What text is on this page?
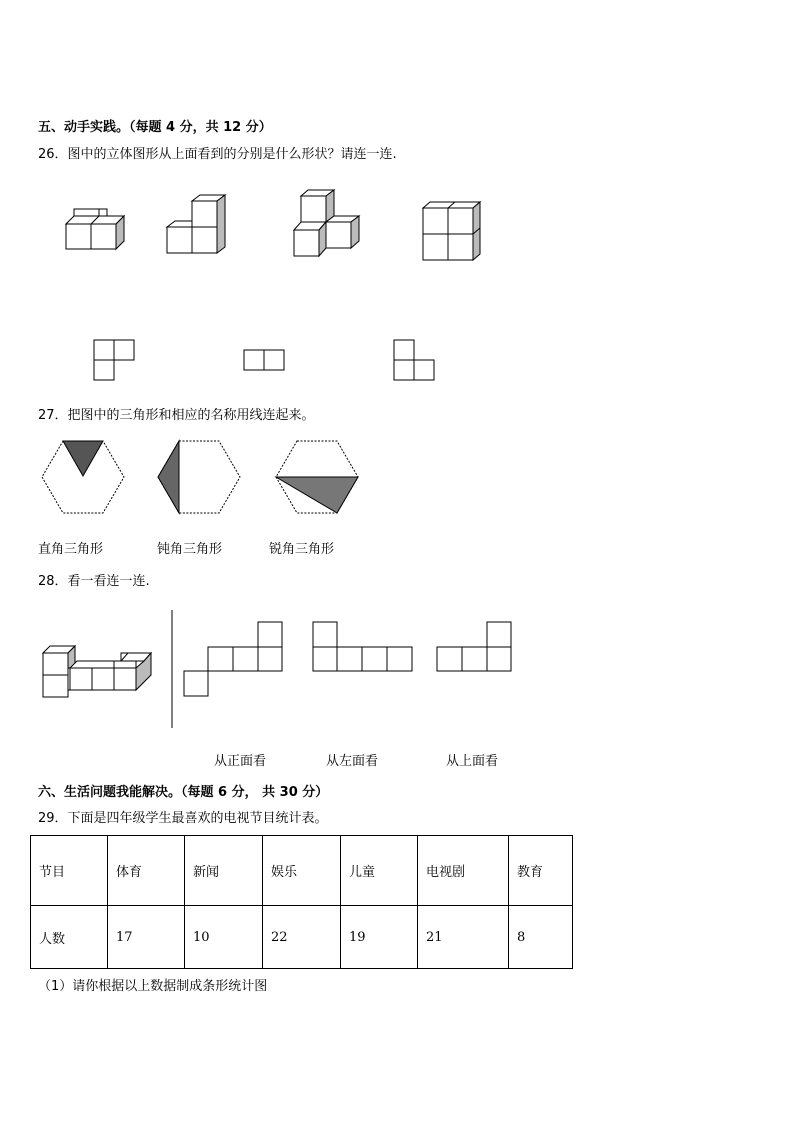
五、动手实践。（每题 4 分，共 12 分）
26．图中的立体图形从上面看到的分别是什么形状？请连一连.
27．把图中的三角形和相应的名称用线连起来。
直角三角形	钝角三角形	锐角三角形
28．看一看连一连.
从正面看	从左面看	从上面看
六、生活问题我能解决。（每题 6 分， 共 30 分）
29．下面是四年级学生最喜欢的电视节目统计表。
节目	体育	新闻	娱乐	儿童	电视剧	教育
人数	17	10	22	19	21	8
（1）请你根据以上数据制成条形统计图
